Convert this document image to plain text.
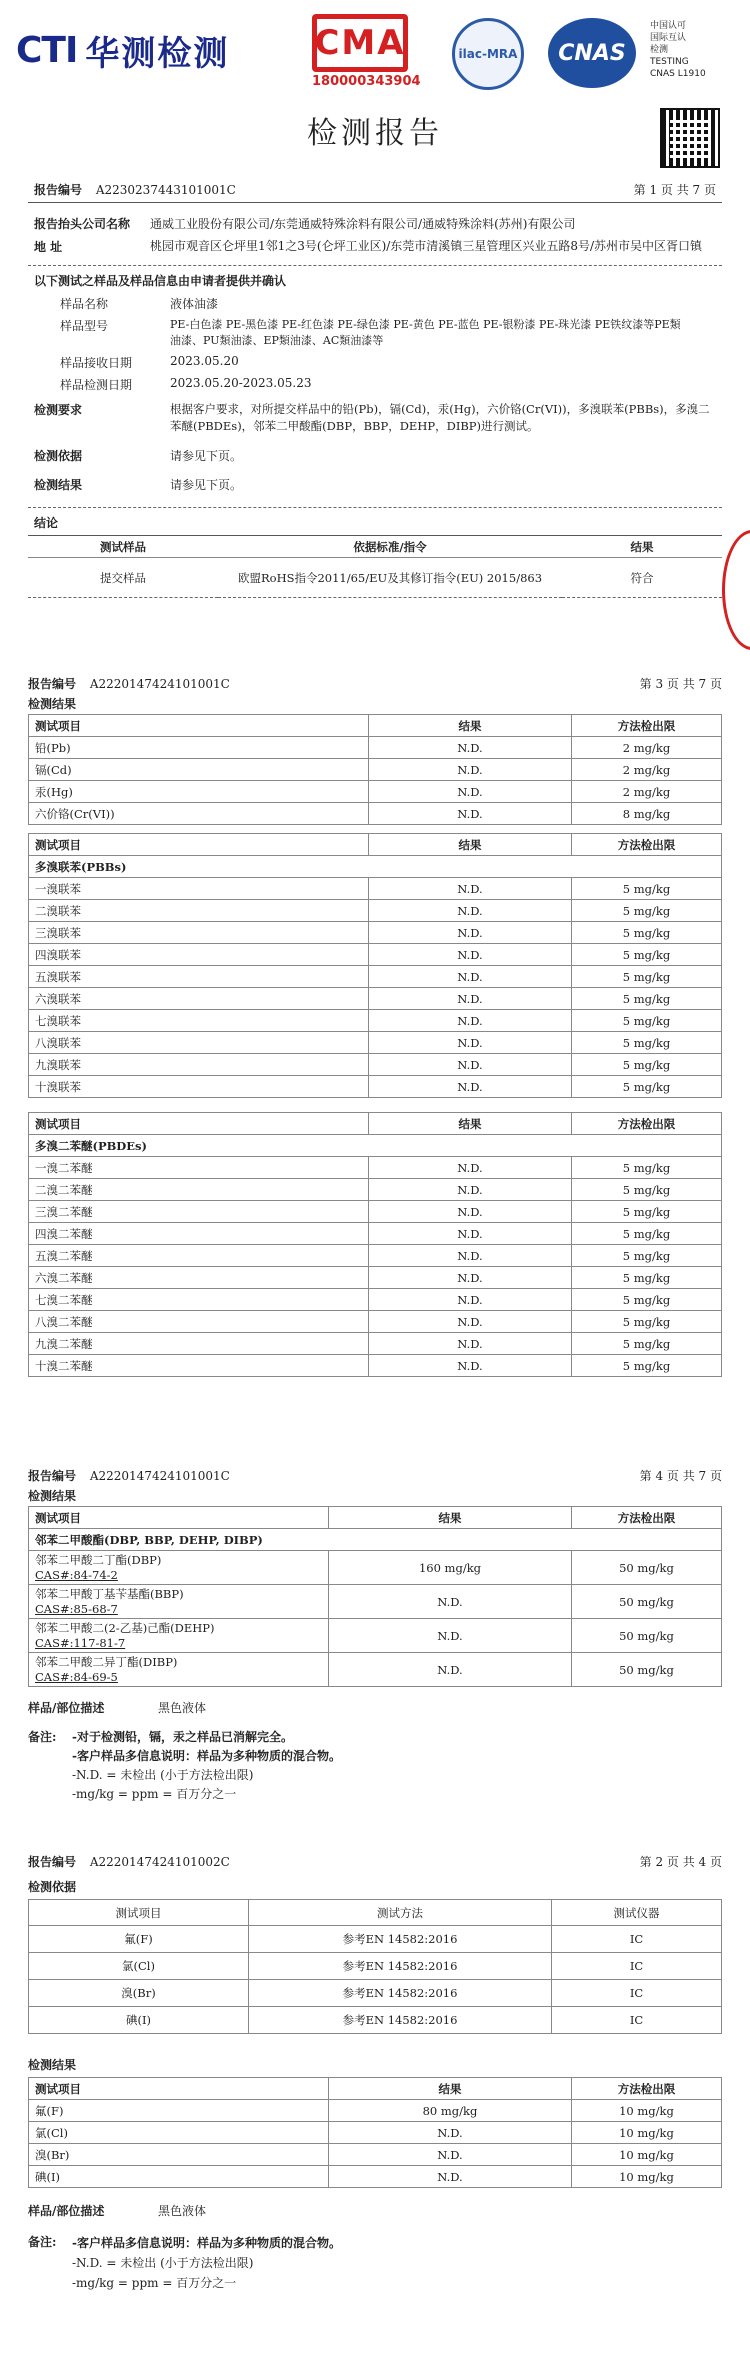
CTI 华测检测	CMA
180000343904
ilac-MRA	CNAS
中国认可
国际互认
检测
TESTING
CNAS L1910
检测报告
报告编号 A2230237443101001C	第 1 页 共 7 页
报告抬头公司名称	通威工业股份有限公司/东莞通威特殊涂料有限公司/通威特殊涂料(苏州)有限公司
地 址	桃园市观音区仑坪里1邻1之3号(仑坪工业区)/东莞市清溪镇三星管理区兴业五路8号/苏州市吴中区胥口镇
以下测试之样品及样品信息由申请者提供并确认
样品名称	液体油漆
样品型号	PE-白色漆 PE-黑色漆 PE-红色漆 PE-绿色漆 PE-黄色 PE-蓝色 PE-银粉漆 PE-珠光漆 PE铁纹漆等PE類油漆、PU類油漆、EP類油漆、AC類油漆等
样品接收日期	2023.05.20
样品检测日期	2023.05.20-2023.05.23
检测要求	根据客户要求，对所提交样品中的铅(Pb)，镉(Cd)，汞(Hg)，六价铬(Cr(VI))，多溴联苯(PBBs)，多溴二苯醚(PBDEs)，邻苯二甲酸酯(DBP，BBP，DEHP，DIBP)进行测试。
检测依据	请参见下页。
检测结果	请参见下页。
结论
测试样品	依据标准/指令	结果
提交样品	欧盟RoHS指令2011/65/EU及其修订指令(EU) 2015/863	符合
报告编号 A2220147424101001C	第 3 页 共 7 页
检测结果
测试项目	结果	方法检出限
铅(Pb)	N.D.	2 mg/kg
镉(Cd)	N.D.	2 mg/kg
汞(Hg)	N.D.	2 mg/kg
六价铬(Cr(VI))	N.D.	8 mg/kg
测试项目	结果	方法检出限
多溴联苯(PBBs)		
一溴联苯	N.D.	5 mg/kg
二溴联苯	N.D.	5 mg/kg
三溴联苯	N.D.	5 mg/kg
四溴联苯	N.D.	5 mg/kg
五溴联苯	N.D.	5 mg/kg
六溴联苯	N.D.	5 mg/kg
七溴联苯	N.D.	5 mg/kg
八溴联苯	N.D.	5 mg/kg
九溴联苯	N.D.	5 mg/kg
十溴联苯	N.D.	5 mg/kg
测试项目	结果	方法检出限
多溴二苯醚(PBDEs)		
一溴二苯醚	N.D.	5 mg/kg
二溴二苯醚	N.D.	5 mg/kg
三溴二苯醚	N.D.	5 mg/kg
四溴二苯醚	N.D.	5 mg/kg
五溴二苯醚	N.D.	5 mg/kg
六溴二苯醚	N.D.	5 mg/kg
七溴二苯醚	N.D.	5 mg/kg
八溴二苯醚	N.D.	5 mg/kg
九溴二苯醚	N.D.	5 mg/kg
十溴二苯醚	N.D.	5 mg/kg
报告编号 A2220147424101001C	第 4 页 共 7 页
检测结果
测试项目	结果	方法检出限
邻苯二甲酸酯(DBP, BBP, DEHP, DIBP)		

邻苯二甲酸二丁酯(DBP)
CAS#:84-74-2	160 mg/kg	50 mg/kg

邻苯二甲酸丁基苄基酯(BBP)
CAS#:85-68-7	N.D.	50 mg/kg

邻苯二甲酸二(2-乙基)己酯(DEHP)
CAS#:117-81-7	N.D.	50 mg/kg

邻苯二甲酸二异丁酯(DIBP)
CAS#:84-69-5	N.D.	50 mg/kg
样品/部位描述	黑色液体
备注:	-对于检测铅，镉，汞之样品已消解完全。
-客户样品多信息说明：样品为多种物质的混合物。
-N.D. = 未检出 (小于方法检出限)
-mg/kg = ppm = 百万分之一
报告编号 A2220147424101002C	第 2 页 共 4 页
检测依据
测试项目	测试方法	测试仪器
氟(F)	参考EN 14582:2016	IC
氯(Cl)	参考EN 14582:2016	IC
溴(Br)	参考EN 14582:2016	IC
碘(I)	参考EN 14582:2016	IC
检测结果
测试项目	结果	方法检出限
氟(F)	80 mg/kg	10 mg/kg
氯(Cl)	N.D.	10 mg/kg
溴(Br)	N.D.	10 mg/kg
碘(I)	N.D.	10 mg/kg
样品/部位描述	黑色液体
备注:	-客户样品多信息说明：样品为多种物质的混合物。
-N.D. = 未检出 (小于方法检出限)
-mg/kg = ppm = 百万分之一
